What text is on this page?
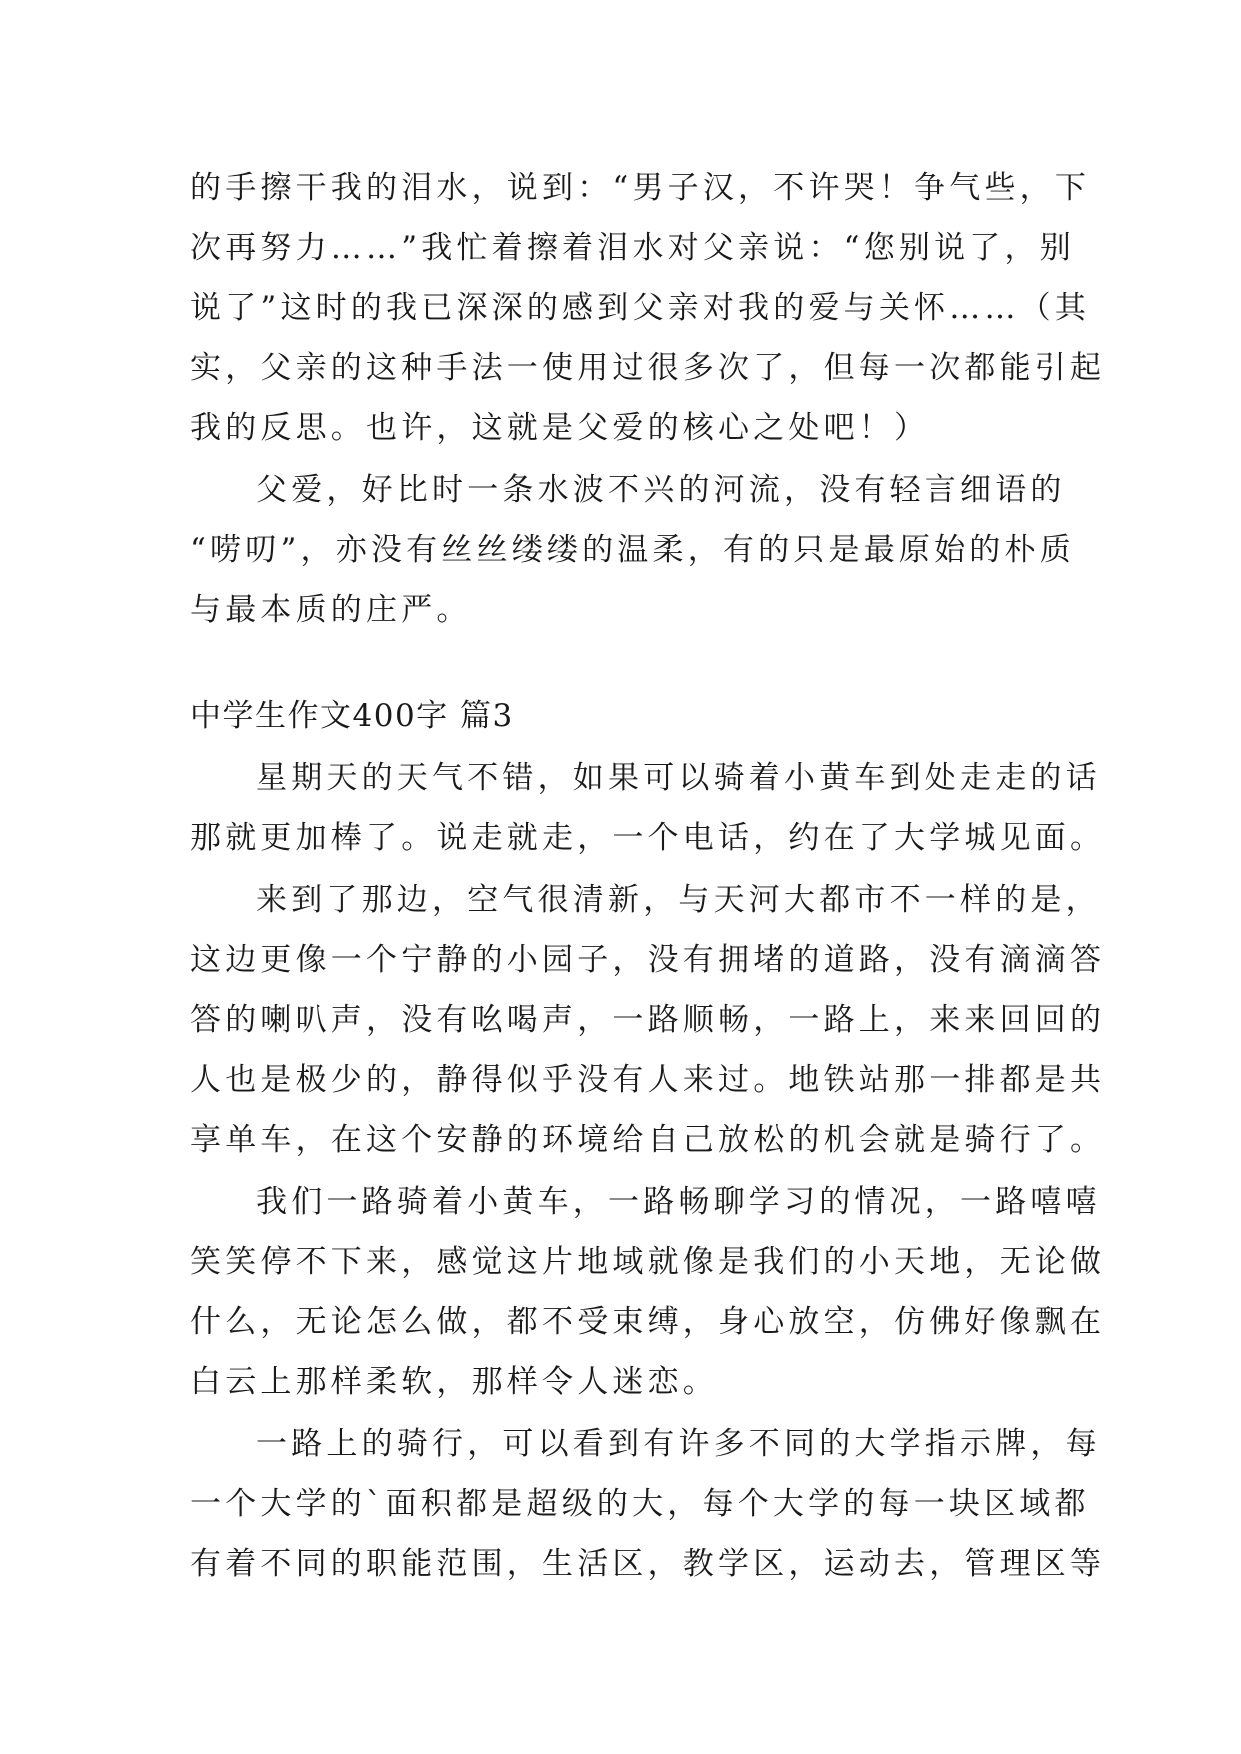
的手擦干我的泪水，说到：“男子汉，不许哭！争气些，下
次再努力……”我忙着擦着泪水对父亲说：“您别说了，别
说了”这时的我已深深的感到父亲对我的爱与关怀……（其
实，父亲的这种手法一使用过很多次了，但每一次都能引起
我的反思。也许，这就是父爱的核心之处吧！）
父爱，好比时一条水波不兴的河流，没有轻言细语的
“唠叨”，亦没有丝丝缕缕的温柔，有的只是最原始的朴质
与最本质的庄严。
中学生作文400字 篇3
星期天的天气不错，如果可以骑着小黄车到处走走的话
那就更加棒了。说走就走，一个电话，约在了大学城见面。
来到了那边，空气很清新，与天河大都市不一样的是，
这边更像一个宁静的小园子，没有拥堵的道路，没有滴滴答
答的喇叭声，没有吆喝声，一路顺畅，一路上，来来回回的
人也是极少的，静得似乎没有人来过。地铁站那一排都是共
享单车，在这个安静的环境给自己放松的机会就是骑行了。
我们一路骑着小黄车，一路畅聊学习的情况，一路嘻嘻
笑笑停不下来，感觉这片地域就像是我们的小天地，无论做
什么，无论怎么做，都不受束缚，身心放空，仿佛好像飘在
白云上那样柔软，那样令人迷恋。
一路上的骑行，可以看到有许多不同的大学指示牌，每
一个大学的`面积都是超级的大，每个大学的每一块区域都
有着不同的职能范围，生活区，教学区，运动去，管理区等
